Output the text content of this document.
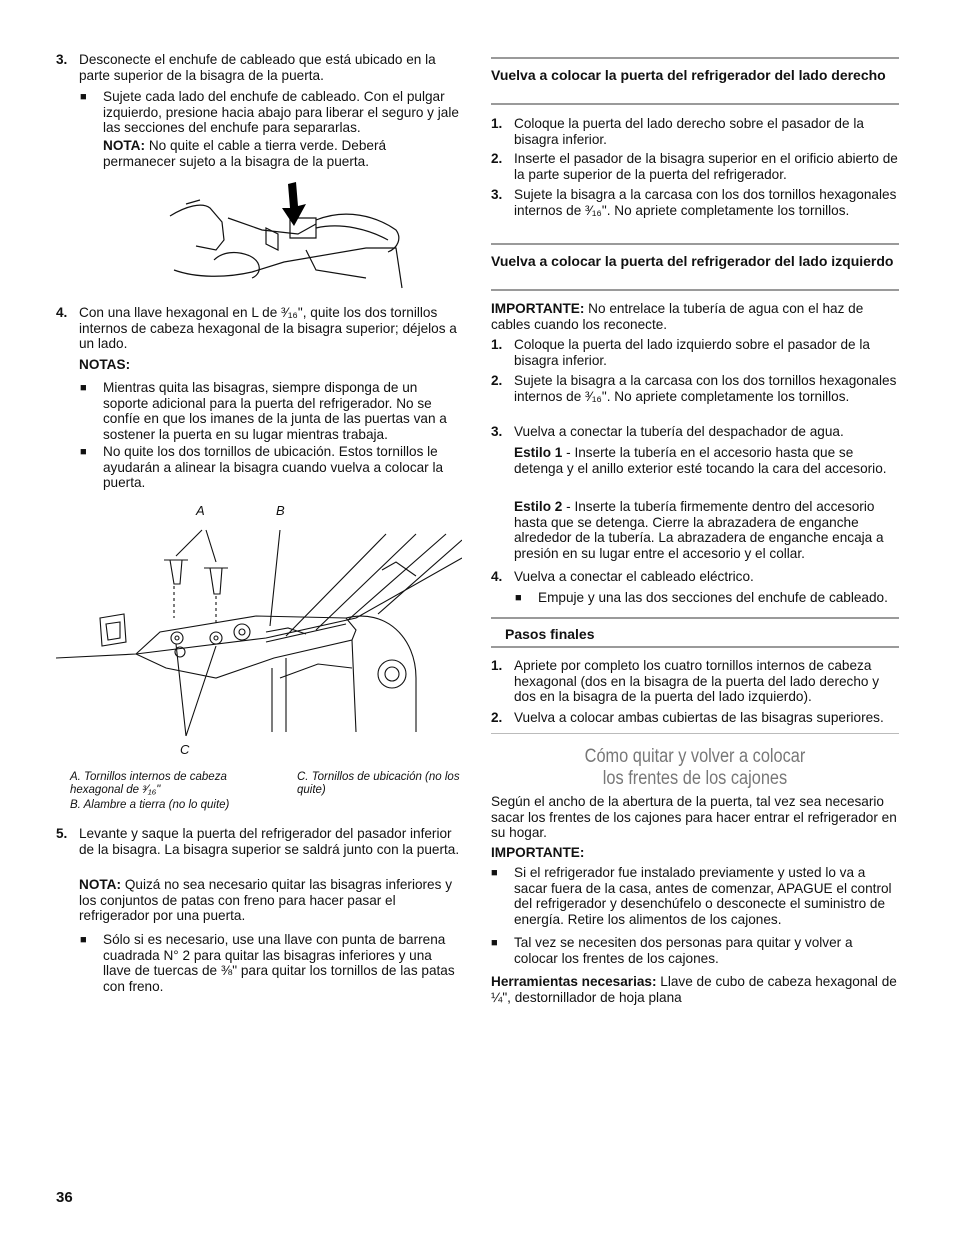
3. Desconecte el enchufe de cableado que está ubicado en la parte superior de la bisagra de la puerta.
■ Sujete cada lado del enchufe de cableado. Con el pulgar izquierdo, presione hacia abajo para liberar el seguro y jale las secciones del enchufe para separarlas.
NOTA: No quite el cable a tierra verde. Deberá permanecer sujeto a la bisagra de la puerta.
4. Con una llave hexagonal en L de ³⁄₁₆", quite los dos tornillos internos de cabeza hexagonal de la bisagra superior; déjelos a un lado.
NOTAS:
■ Mientras quita las bisagras, siempre disponga de un soporte adicional para la puerta del refrigerador. No se confíe en que los imanes de la junta de las puertas van a sostener la puerta en su lugar mientras trabaja.
■ No quite los dos tornillos de ubicación. Estos tornillos le ayudarán a alinear la bisagra cuando vuelva a colocar la puerta.
A	B
C
A. Tornillos internos de cabeza hexagonal de ³⁄₁₆"
B. Alambre a tierra (no lo quite)
C. Tornillos de ubicación (no los quite)
5. Levante y saque la puerta del refrigerador del pasador inferior de la bisagra. La bisagra superior se saldrá junto con la puerta.
NOTA: Quizá no sea necesario quitar las bisagras inferiores y los conjuntos de patas con freno para hacer pasar el refrigerador por una puerta.
■ Sólo si es necesario, use una llave con punta de barrena cuadrada N° 2 para quitar las bisagras inferiores y una llave de tuercas de ⅜" para quitar los tornillos de las patas con freno.
Vuelva a colocar la puerta del refrigerador del lado derecho
1. Coloque la puerta del lado derecho sobre el pasador de la bisagra inferior.
2. Inserte el pasador de la bisagra superior en el orificio abierto de la parte superior de la puerta del refrigerador.
3. Sujete la bisagra a la carcasa con los dos tornillos hexagonales internos de ³⁄₁₆". No apriete completamente los tornillos.
Vuelva a colocar la puerta del refrigerador del lado izquierdo
IMPORTANTE: No entrelace la tubería de agua con el haz de cables cuando los reconecte.
1. Coloque la puerta del lado izquierdo sobre el pasador de la bisagra inferior.
2. Sujete la bisagra a la carcasa con los dos tornillos hexagonales internos de ³⁄₁₆". No apriete completamente los tornillos.
3. Vuelva a conectar la tubería del despachador de agua.
Estilo 1 - Inserte la tubería en el accesorio hasta que se detenga y el anillo exterior esté tocando la cara del accesorio.
Estilo 2 - Inserte la tubería firmemente dentro del accesorio hasta que se detenga. Cierre la abrazadera de enganche alrededor de la tubería. La abrazadera de enganche encaja a presión en su lugar entre el accesorio y el collar.
4. Vuelva a conectar el cableado eléctrico.
■ Empuje y una las dos secciones del enchufe de cableado.
Pasos finales
1. Apriete por completo los cuatro tornillos internos de cabeza hexagonal (dos en la bisagra de la puerta del lado derecho y dos en la bisagra de la puerta del lado izquierdo).
2. Vuelva a colocar ambas cubiertas de las bisagras superiores.
Cómo quitar y volver a colocar
los frentes de los cajones
Según el ancho de la abertura de la puerta, tal vez sea necesario sacar los frentes de los cajones para hacer entrar el refrigerador en su hogar.
IMPORTANTE:
■ Si el refrigerador fue instalado previamente y usted lo va a sacar fuera de la casa, antes de comenzar, APAGUE el control del refrigerador y desenchúfelo o desconecte el suministro de energía. Retire los alimentos de los cajones.
■ Tal vez se necesiten dos personas para quitar y volver a colocar los frentes de los cajones.
Herramientas necesarias: Llave de cubo de cabeza hexagonal de ¼", destornillador de hoja plana
36
